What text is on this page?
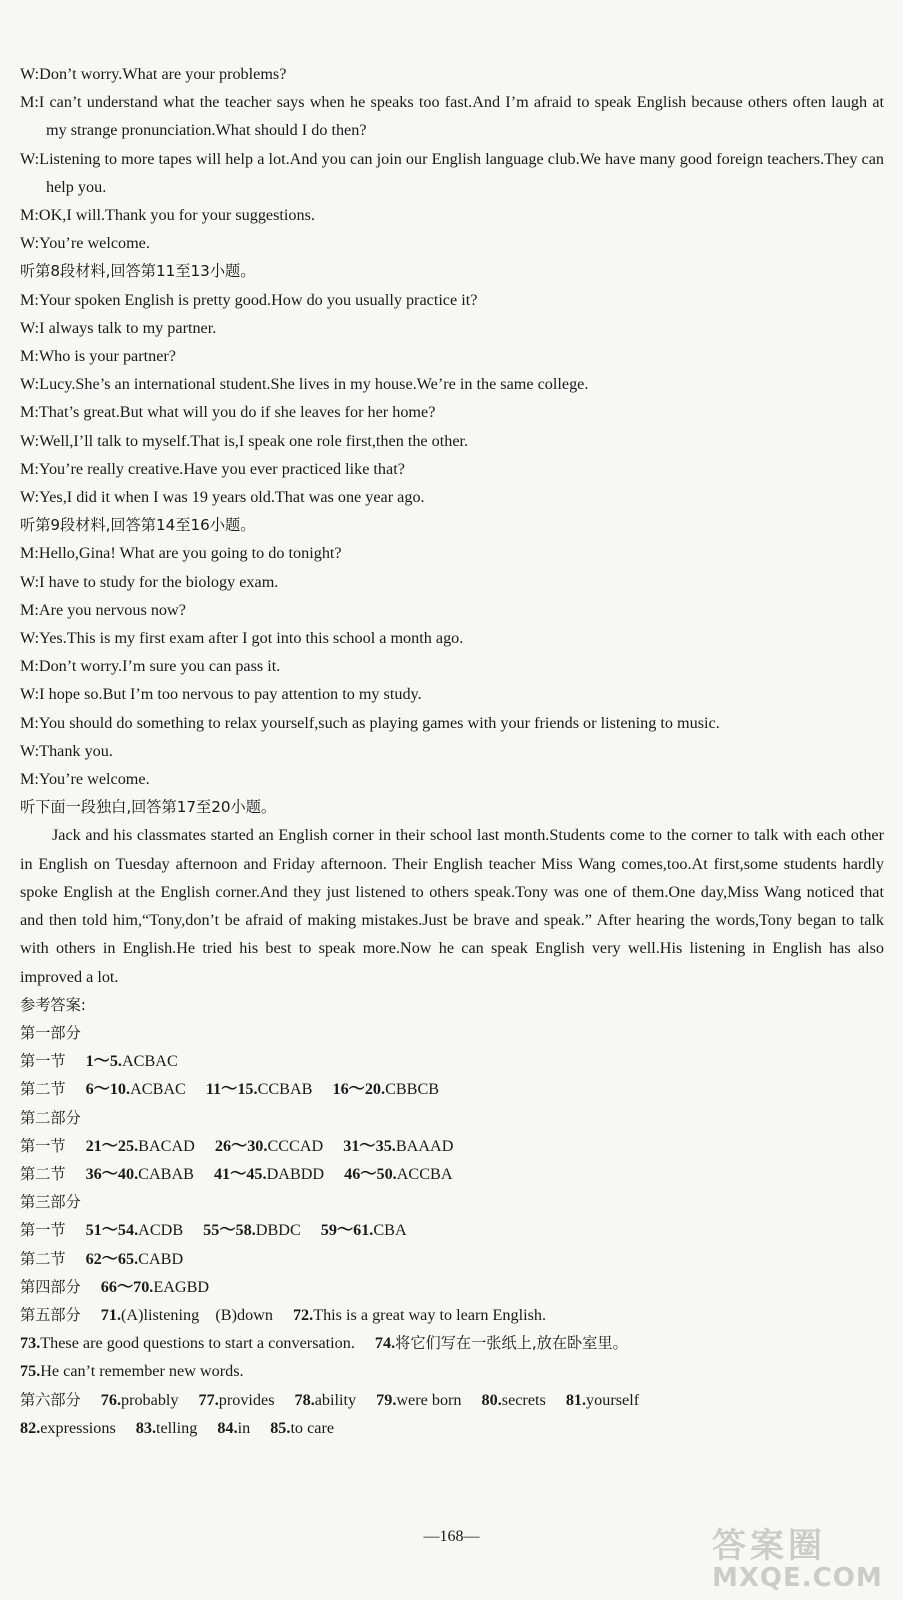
W:Don’t worry.What are your problems?
M:I can’t understand what the teacher says when he speaks too fast.And I’m afraid to speak English because others often laugh at my strange pronunciation.What should I do then?
W:Listening to more tapes will help a lot.And you can join our English language club.We have many good foreign teachers.They can help you.
M:OK,I will.Thank you for your suggestions.
W:You’re welcome.
听第8段材料,回答第11至13小题。
M:Your spoken English is pretty good.How do you usually practice it?
W:I always talk to my partner.
M:Who is your partner?
W:Lucy.She’s an international student.She lives in my house.We’re in the same college.
M:That’s great.But what will you do if she leaves for her home?
W:Well,I’ll talk to myself.That is,I speak one role first,then the other.
M:You’re really creative.Have you ever practiced like that?
W:Yes,I did it when I was 19 years old.That was one year ago.
听第9段材料,回答第14至16小题。
M:Hello,Gina! What are you going to do tonight?
W:I have to study for the biology exam.
M:Are you nervous now?
W:Yes.This is my first exam after I got into this school a month ago.
M:Don’t worry.I’m sure you can pass it.
W:I hope so.But I’m too nervous to pay attention to my study.
M:You should do something to relax yourself,such as playing games with your friends or listening to music.
W:Thank you.
M:You’re welcome.
听下面一段独白,回答第17至20小题。
Jack and his classmates started an English corner in their school last month.Students come to the corner to talk with each other in English on Tuesday afternoon and Friday afternoon. Their English teacher Miss Wang comes,too.At first,some students hardly spoke English at the English corner.And they just listened to others speak.Tony was one of them.One day,Miss Wang noticed that and then told him,“Tony,don’t be afraid of making mistakes.Just be brave and speak.” After hearing the words,Tony began to talk with others in English.He tried his best to speak more.Now he can speak English very well.His listening in English has also improved a lot.
参考答案:
第一部分
第一节 1～5.ACBAC
第二节 6～10.ACBAC 11～15.CCBAB 16～20.CBBCB
第二部分
第一节 21～25.BACAD 26～30.CCCAD 31～35.BAAAD
第二节 36～40.CABAB 41～45.DABDD 46～50.ACCBA
第三部分
第一节 51～54.ACDB 55～58.DBDC 59～61.CBA
第二节 62～65.CABD
第四部分 66～70.EAGBD
第五部分 71.(A)listening　(B)down 72.This is a great way to learn English.
73.These are good questions to start a conversation. 74.将它们写在一张纸上,放在卧室里。
75.He can’t remember new words.
第六部分 76.probably 77.provides 78.ability 79.were born 80.secrets 81.yourself
82.expressions 83.telling 84.in 85.to care
—168—	答案圈
MXQE.COM
